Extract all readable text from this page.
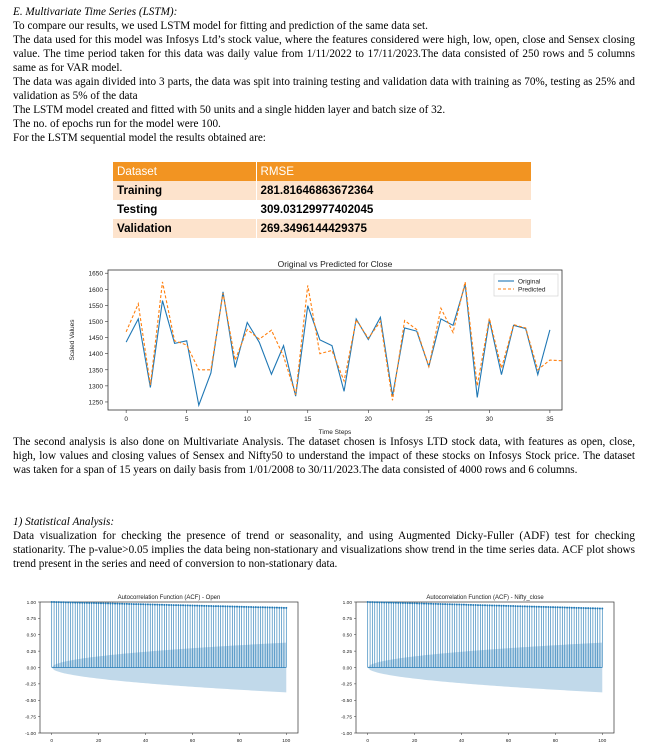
E. Multivariate Time Series (LSTM):
To compare our results, we used LSTM model for fitting and prediction of the same data set.
The data used for this model was Infosys Ltd’s stock value, where the features considered were high, low, open, close and Sensex closing value. The time period taken for this data was daily value from 1/11/2022 to 17/11/2023.The data consisted of 250 rows and 5 columns same as for VAR model.
The data was again divided into 3 parts, the data was spit into training testing and validation data with training as 70%, testing as 25% and validation as 5% of the data
The LSTM model created and fitted with 50 units and a single hidden layer and batch size of 32.
The no. of epochs run for the model were 100.
For the LSTM sequential model the results obtained are:
Dataset	RMSE
Training	281.81646863672364
Testing	309.03129977402045
Validation	269.3496144429375
Original vs Predicted for Close
1250
1300
1350
1400
1450
1500
1550
1600
1650
0	5	10	15	20	25	30	35
Time Steps
Scaled Values
Original
Predicted
The second analysis is also done on Multivariate Analysis. The dataset chosen is Infosys LTD stock data, with features as open, close, high, low values and closing values of Sensex and Nifty50 to understand the impact of these stocks on Infosys Stock price. The dataset was taken for a span of 15 years on daily basis from 1/01/2008 to 30/11/2023.The data consisted of 4000 rows and 6 columns.
1) Statistical Analysis:
Data visualization for checking the presence of trend or seasonality, and using Augmented Dicky-Fuller (ADF) test for checking stationarity. The p-value>0.05 implies the data being non-stationary and visualizations show trend in the time series data. ACF plot shows trend present in the series and need of conversion to non-stationary data.
Autocorrelation Function (ACF) - Open
-1.00
-0.75
-0.50
-0.25
0.00
0.25
0.50
0.75
1.00
0	20	40	60	80	100
Autocorrelation Function (ACF) - Nifty_close
-1.00
-0.75
-0.50
-0.25
0.00
0.25
0.50
0.75
1.00
0	20	40	60	80	100
